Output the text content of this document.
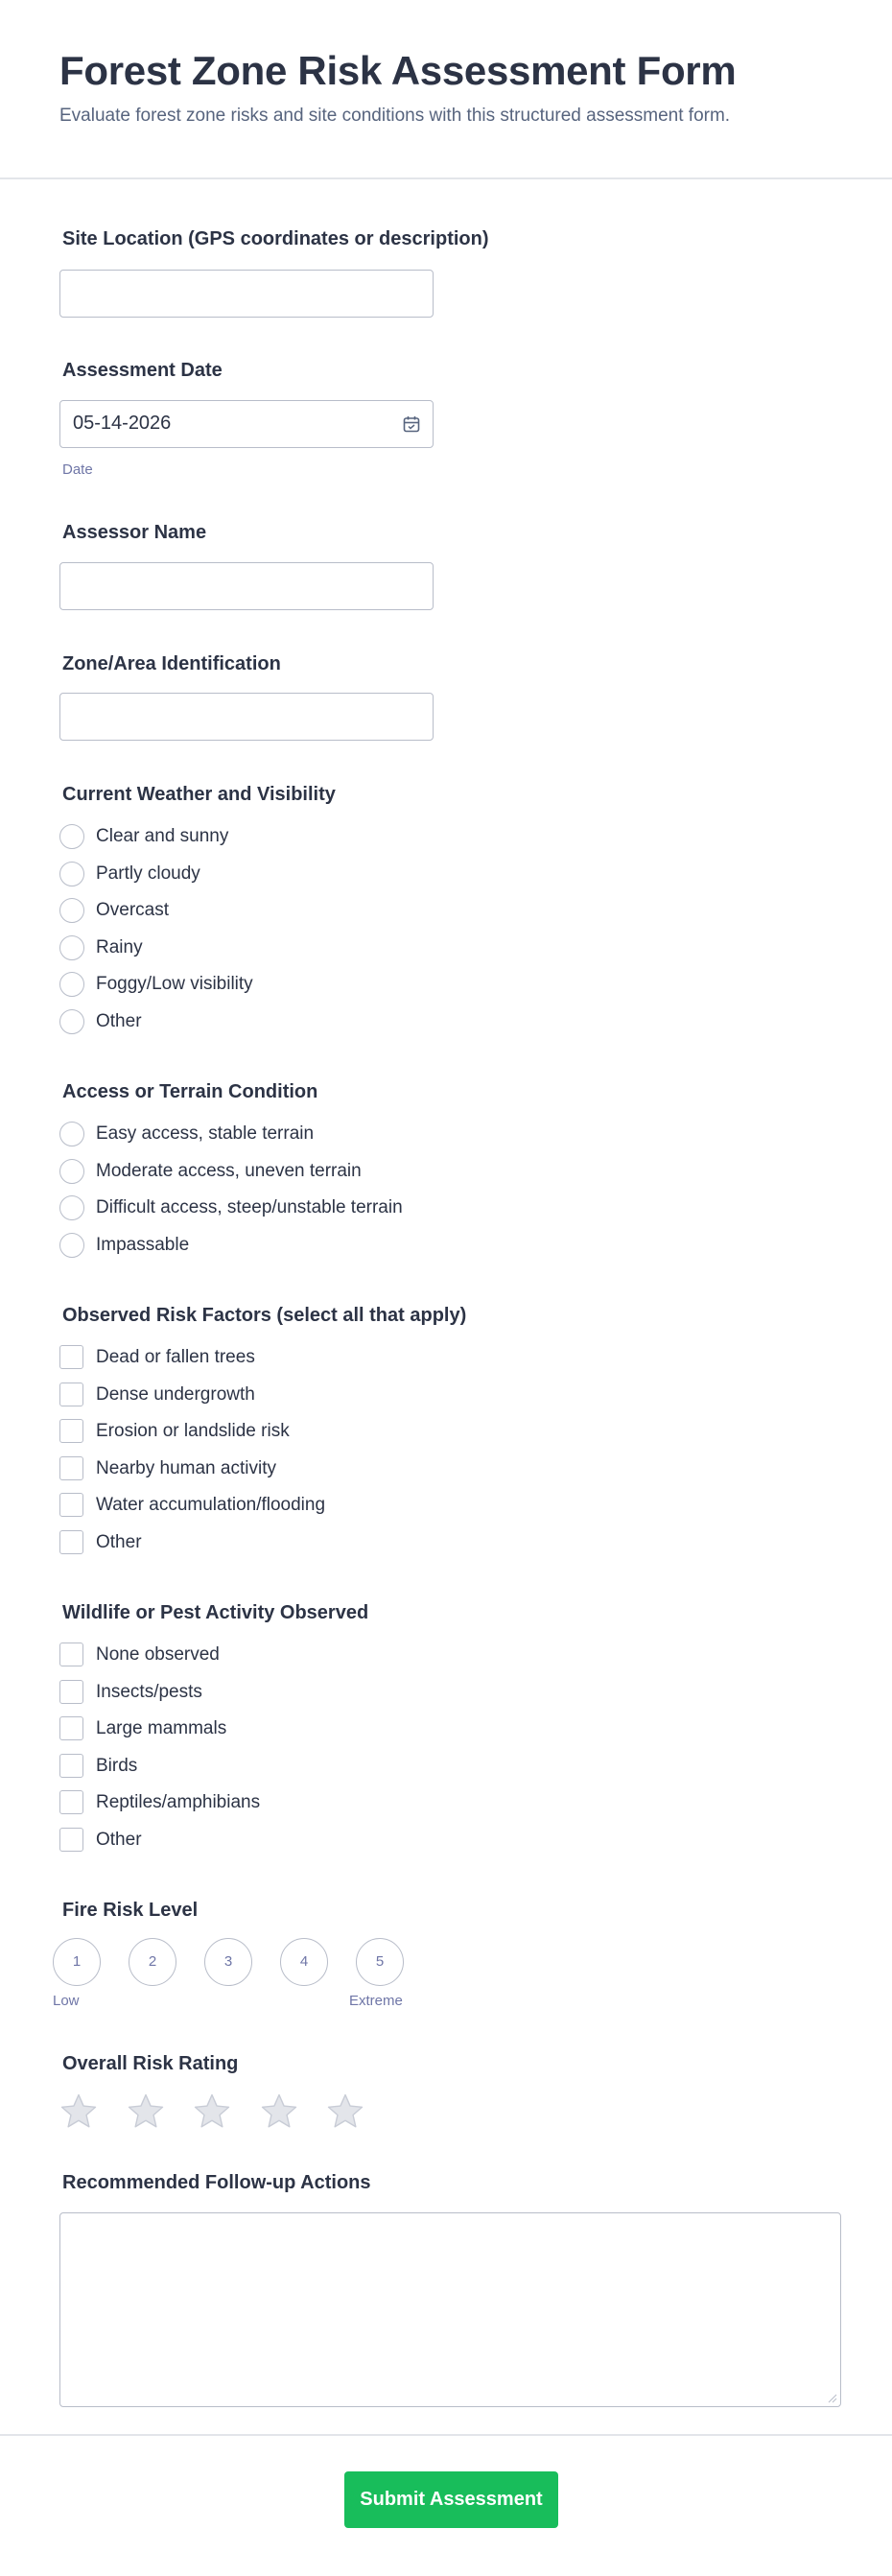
Forest Zone Risk Assessment Form
Evaluate forest zone risks and site conditions with this structured assessment form.
Site Location (GPS coordinates or description)
Assessment Date
05-14-2026
Date
Assessor Name
Zone/Area Identification
Current Weather and Visibility
Clear and sunny
Partly cloudy
Overcast
Rainy
Foggy/Low visibility
Other
Access or Terrain Condition
Easy access, stable terrain
Moderate access, uneven terrain
Difficult access, steep/unstable terrain
Impassable
Observed Risk Factors (select all that apply)
Dead or fallen trees
Dense undergrowth
Erosion or landslide risk
Nearby human activity
Water accumulation/flooding
Other
Wildlife or Pest Activity Observed
None observed
Insects/pests
Large mammals
Birds
Reptiles/amphibians
Other
Fire Risk Level
1	2	3	4	5
Low	Extreme
Overall Risk Rating
Recommended Follow-up Actions
Submit Assessment
